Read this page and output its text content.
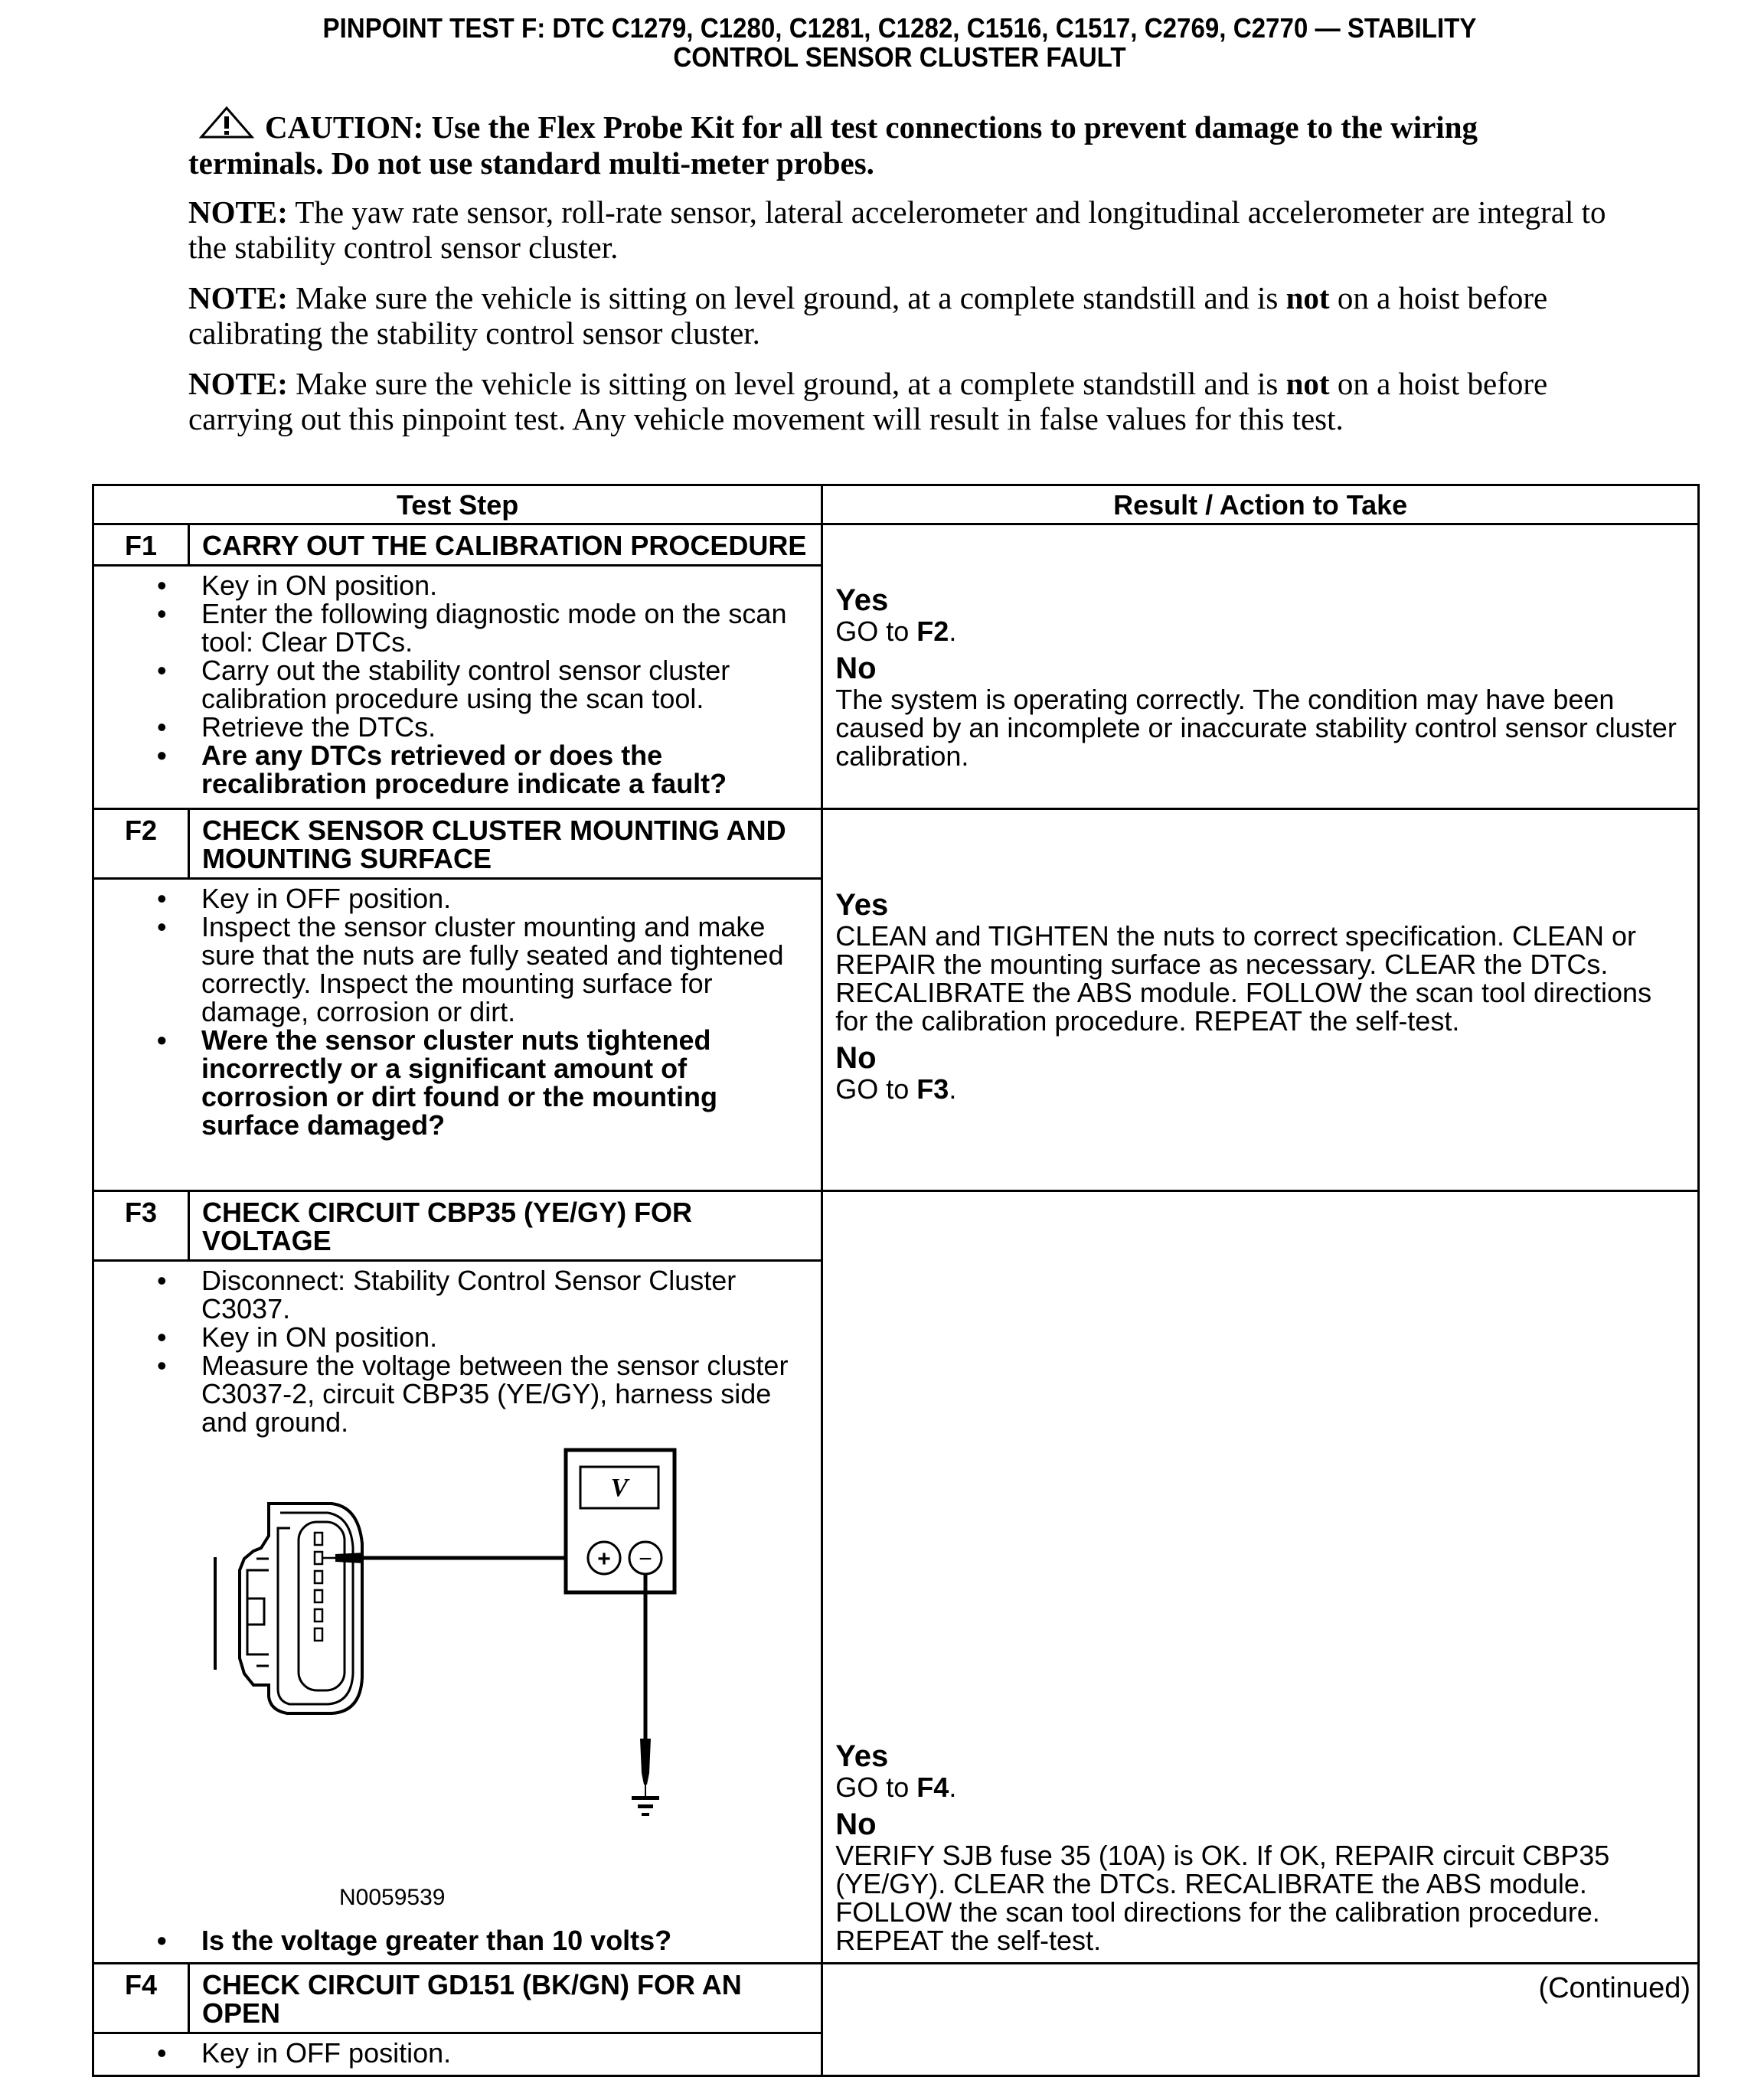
PINPOINT TEST F: DTC C1279, C1280, C1281, C1282, C1516, C1517, C2769, C2770 — STABILITY
CONTROL SENSOR CLUSTER FAULT
CAUTION: Use the Flex Probe Kit for all test connections to prevent damage to the wiring terminals. Do not use standard multi-meter probes.
NOTE: The yaw rate sensor, roll-rate sensor, lateral accelerometer and longitudinal accelerometer are integral to the stability control sensor cluster.
NOTE: Make sure the vehicle is sitting on level ground, at a complete standstill and is not on a hoist before calibrating the stability control sensor cluster.
NOTE: Make sure the vehicle is sitting on level ground, at a complete standstill and is not on a hoist before carrying out this pinpoint test. Any vehicle movement will result in false values for this test.
Test Step		Result / Action to Take
F1	CARRY OUT THE CALIBRATION PROCEDURE	Yes
GO to F2.
No
The system is operating correctly. The condition may have been caused by an incomplete or inaccurate stability control sensor cluster calibration.

• Key in ON position.
• Enter the following diagnostic mode on the scan tool: Clear DTCs.
• Carry out the stability control sensor cluster calibration procedure using the scan tool.
• Retrieve the DTCs.
• Are any DTCs retrieved or does the recalibration procedure indicate a fault?

F2	CHECK SENSOR CLUSTER MOUNTING AND MOUNTING SURFACE	Yes
CLEAN and TIGHTEN the nuts to correct specification. CLEAN or REPAIR the mounting surface as necessary. CLEAR the DTCs. RECALIBRATE the ABS module. FOLLOW the scan tool directions for the calibration procedure. REPEAT the self-test.
No
GO to F3.

• Key in OFF position.
• Inspect the sensor cluster mounting and make sure that the nuts are fully seated and tightened correctly. Inspect the mounting surface for damage, corrosion or dirt.
• Were the sensor cluster nuts tightened incorrectly or a significant amount of corrosion or dirt found or the mounting surface damaged?

F3	CHECK CIRCUIT CBP35 (YE/GY) FOR VOLTAGE	Yes
GO to F4.
No
VERIFY SJB fuse 35 (10A) is OK. If OK, REPAIR circuit CBP35 (YE/GY). CLEAR the DTCs. RECALIBRATE the ABS module. FOLLOW the scan tool directions for the calibration procedure. REPEAT the self-test.

• Disconnect: Stability Control Sensor Cluster C3037.
• Key in ON position.
• Measure the voltage between the sensor cluster C3037-2, circuit CBP35 (YE/GY), harness side and ground.
V
+ −
N0059539
• Is the voltage greater than 10 volts?

F4	CHECK CIRCUIT GD151 (BK/GN) FOR AN OPEN	

• Key in OFF position.
(Continued)
